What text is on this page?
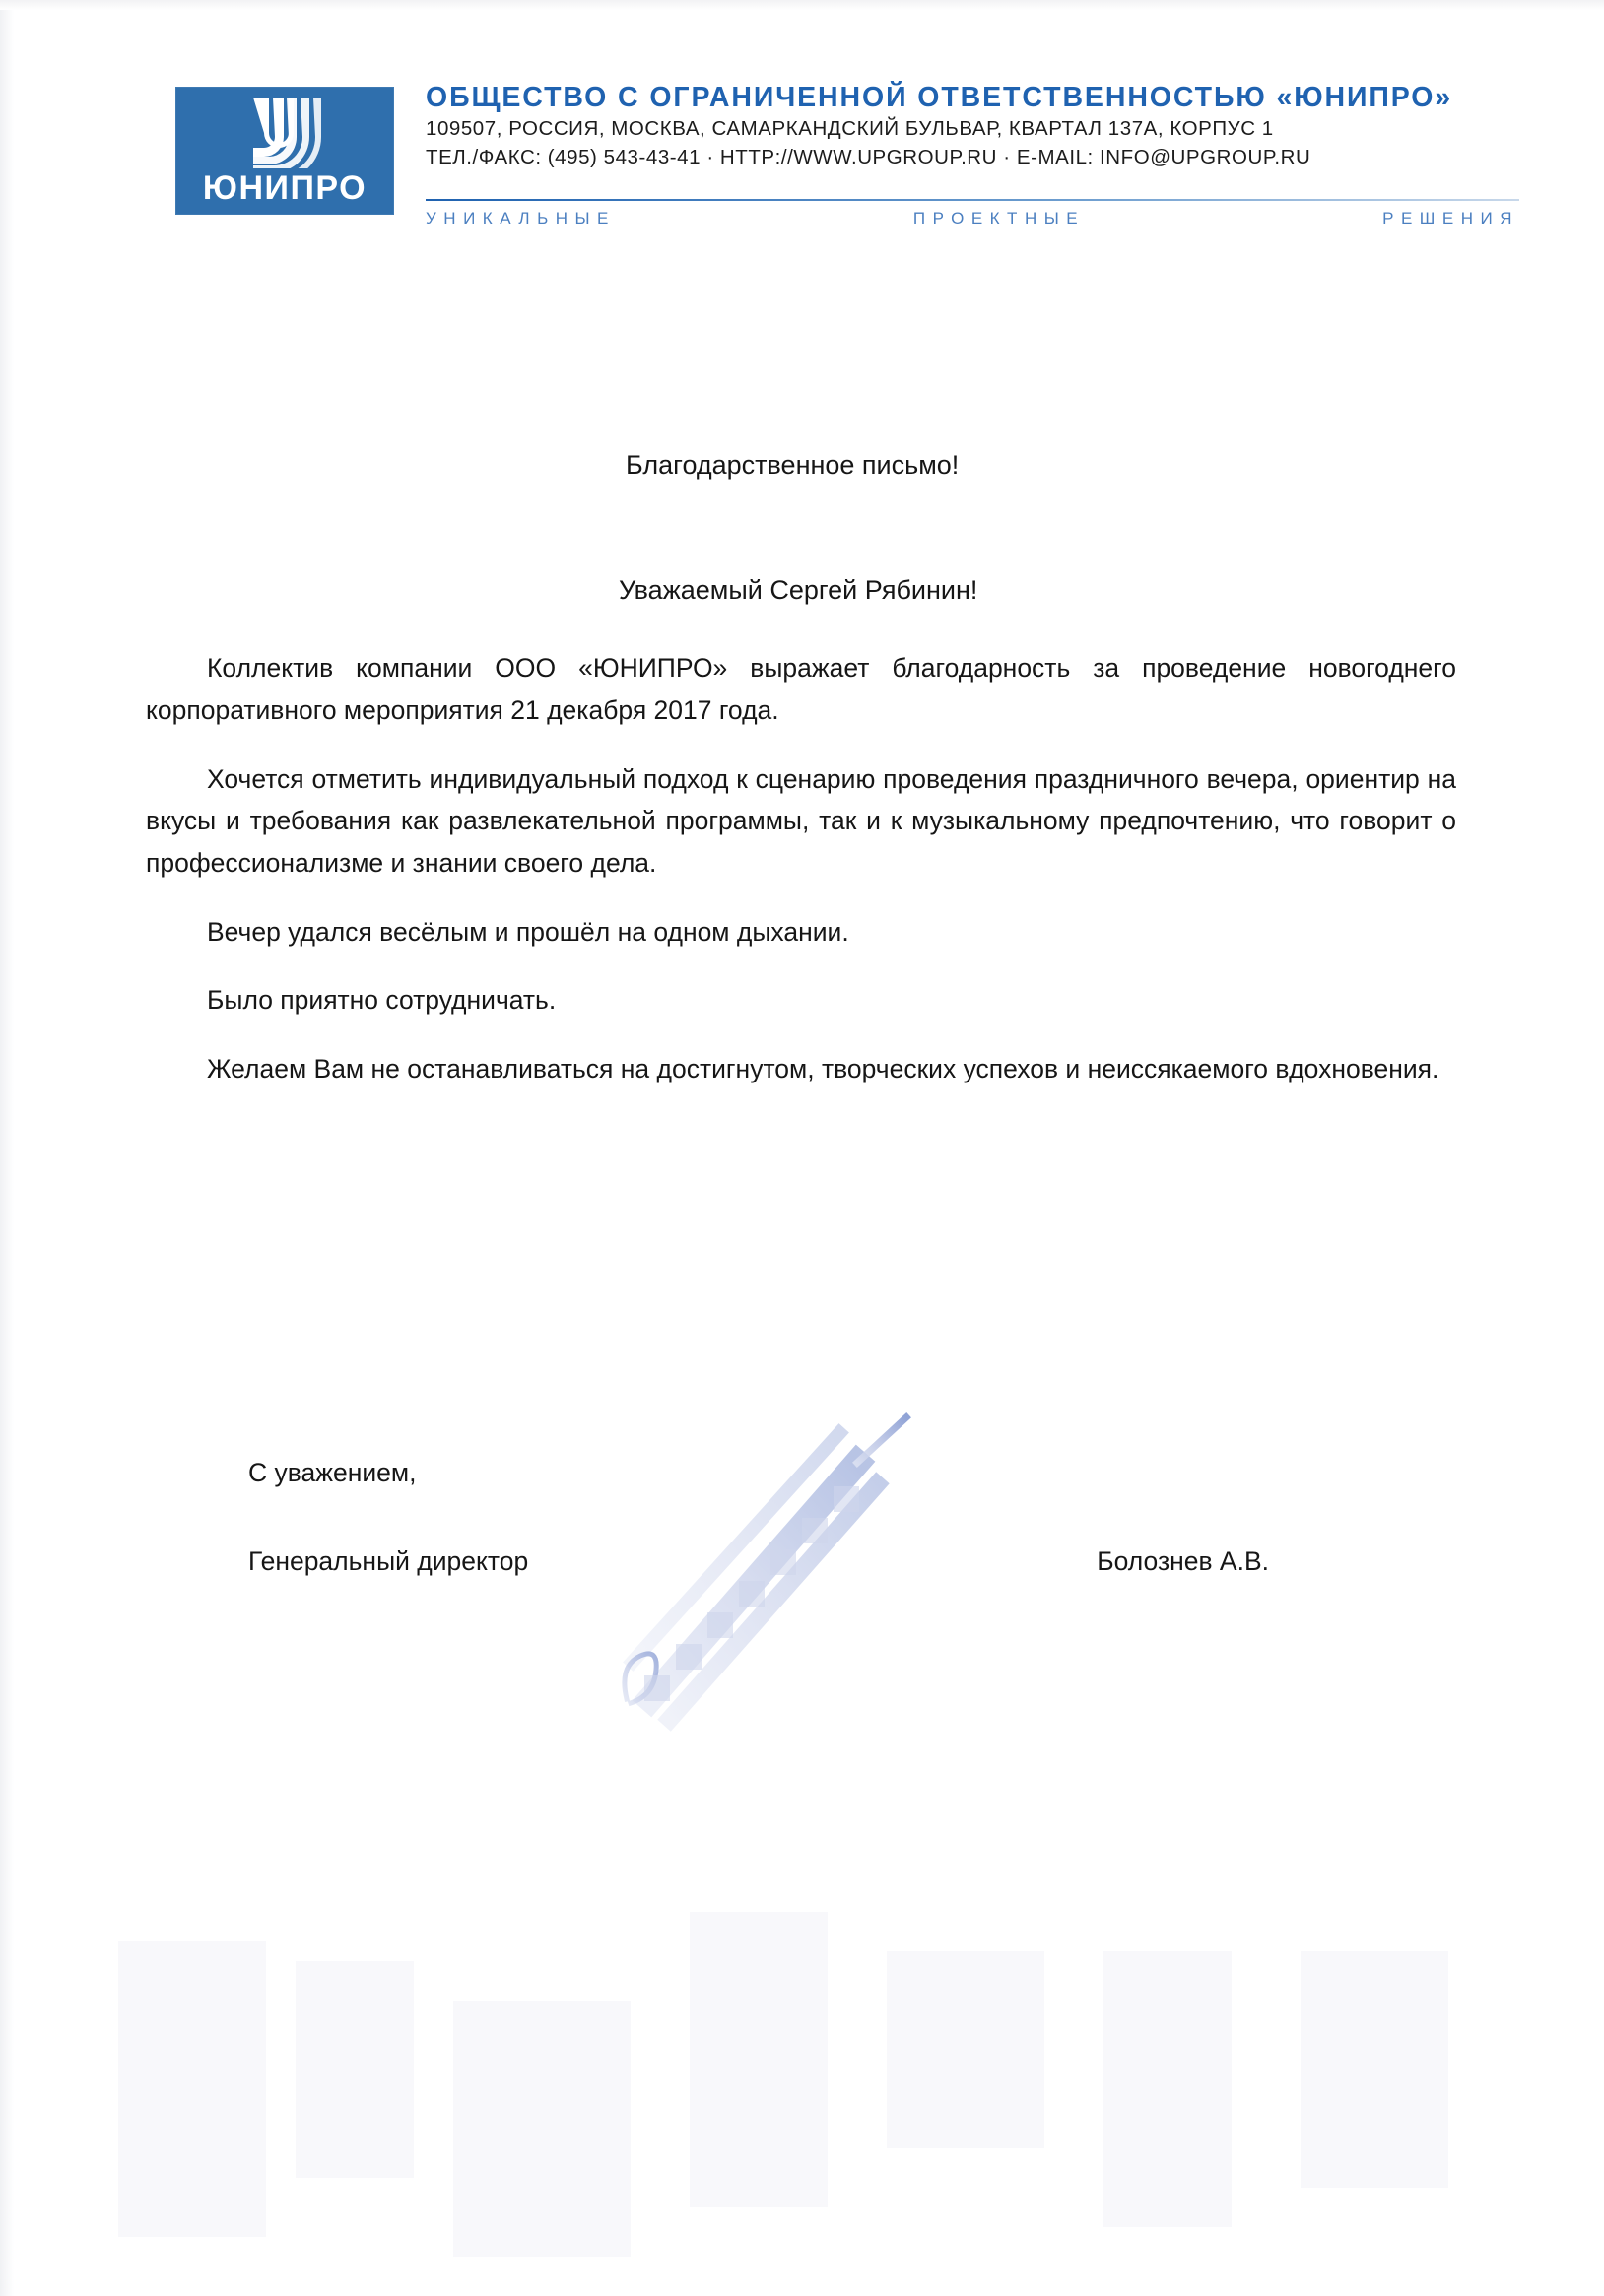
ЮНИПРО
ОБЩЕСТВО С ОГРАНИЧЕННОЙ ОТВЕТСТВЕННОСТЬЮ «ЮНИПРО»
109507, РОССИЯ, МОСКВА, САМАРКАНДСКИЙ БУЛЬВАР, КВАРТАЛ 137А, КОРПУС 1
ТЕЛ./ФАКС: (495) 543-43-41 · HTTP://WWW.UPGROUP.RU · E-MAIL: INFO@UPGROUP.RU
УНИКАЛЬНЫЕ	ПРОЕКТНЫЕ	РЕШЕНИЯ
Благодарственное письмо!
Уважаемый Сергей Рябинин!

Коллектив компании ООО «ЮНИПРО» выражает благодарность за проведение новогоднего корпоративного мероприятия 21 декабря 2017 года.

Хочется отметить индивидуальный подход к сценарию проведения праздничного вечера, ориентир на вкусы и требования как развлекательной программы, так и к музыкальному предпочтению, что говорит о профессионализме и знании своего дела.

Вечер удался весёлым и прошёл на одном дыхании.

Было приятно сотрудничать.

Желаем Вам не останавливаться на достигнутом, творческих успехов и неиссякаемого вдохновения.

С уважением,
Генеральный директор	Болознев А.В.
